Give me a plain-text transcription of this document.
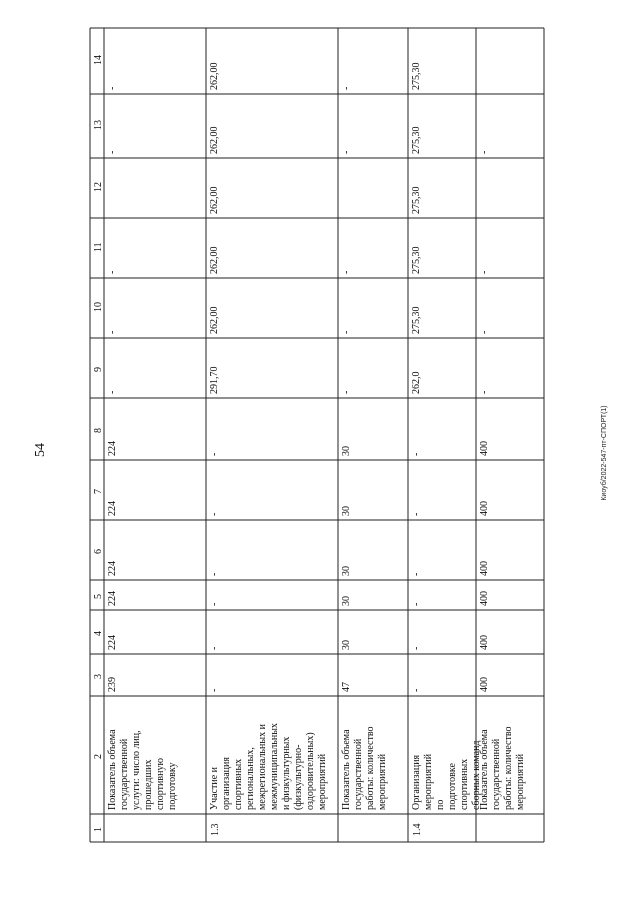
54	Киоуб/2022-547-пт-СПОРТ(1)
1
2
3
4
5
6
7
8
9
10
11
12
13
14
Показатель объема государственной услуги: число лиц, прошедших спортивную подготовку
239
224
224
224
224
224
-
-
-
-
-
1.3
Участие и организация спортивных региональных, межрегиональных и межмуниципальных и физкультурных (физкультурно- оздоровительных) мероприятий
-
-
-
-
-
-
291,70
262,00
262,00
262,00
262,00
262,00
Показатель объема государственной работы: количество мероприятий
47
30
30
30
30
30
-
-
-
-
-
1.4
Организация мероприятий по подготовке спортивных сборных команд
-
-
-
-
-
-
262,0
275,30
275,30
275,30
275,30
275,30
Показатель объема государственной работы: количество мероприятий
400
400
400
400
400
400
-
-
-
-
